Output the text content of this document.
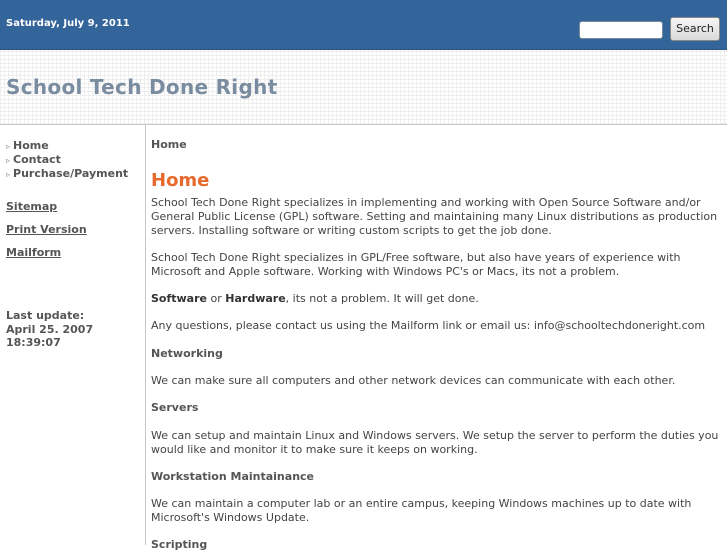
Saturday, July 9, 2011	Search
School Tech Done Right
▹ Home
▹ Contact
▹ Purchase/Payment
Sitemap
Print Version
Mailform
Last update:
April 25. 2007 18:39:07

Home

Home

School Tech Done Right specializes in implementing and working with Open Source Software and/or General Public License (GPL) software. Setting and maintaining many Linux distributions as production servers. Installing software or writing custom scripts to get the job done.

School Tech Done Right specializes in GPL/Free software, but also have years of experience with Microsoft and Apple software. Working with Windows PC's or Macs, its not a problem.

Software or Hardware, its not a problem. It will get done.

Any questions, please contact us using the Mailform link or email us: info@schooltechdoneright.com

Networking

We can make sure all computers and other network devices can communicate with each other.

Servers

We can setup and maintain Linux and Windows servers. We setup the server to perform the duties you would like and monitor it to make sure it keeps on working.

Workstation Maintainance

We can maintain a computer lab or an entire campus, keeping Windows machines up to date with Microsoft's Windows Update.

Scripting
